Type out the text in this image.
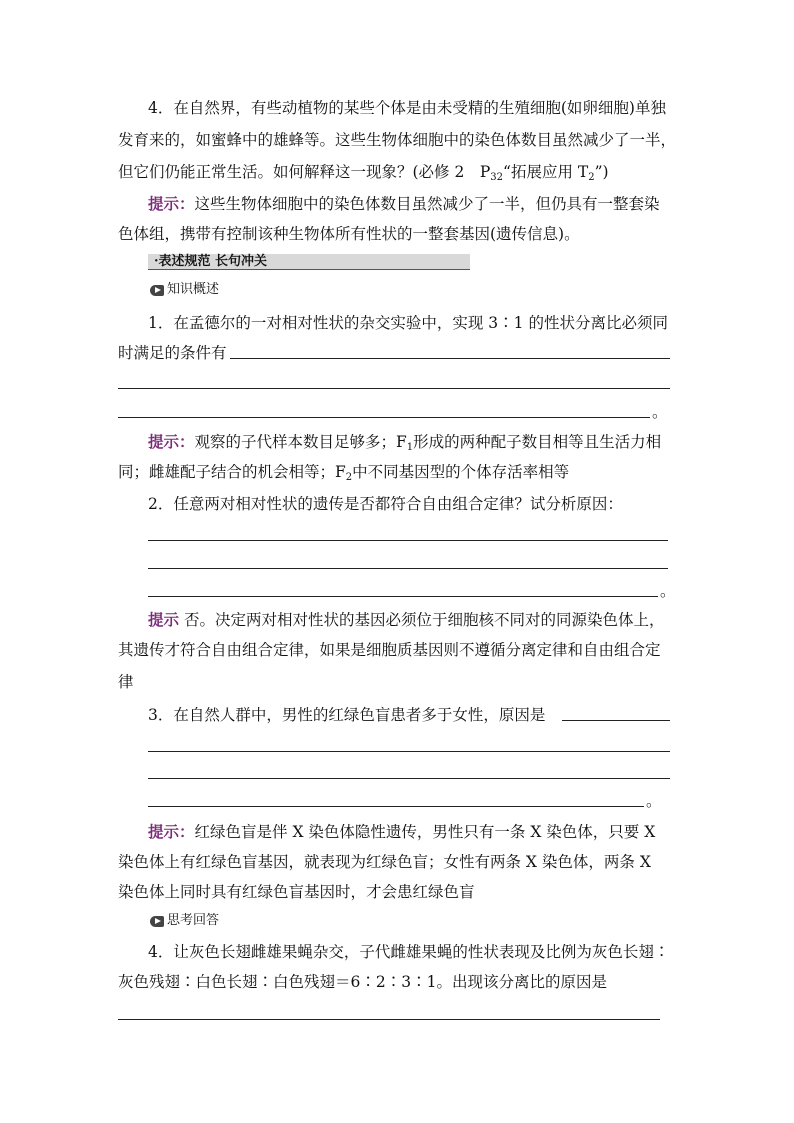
4．在自然界，有些动植物的某些个体是由未受精的生殖细胞(如卵细胞)单独
发育来的，如蜜蜂中的雄蜂等。这些生物体细胞中的染色体数目虽然减少了一半，
但它们仍能正常生活。如何解释这一现象？(必修 2　$P_{32}“$拓展应用 $T_2$”)
提示：这些生物体细胞中的染色体数目虽然减少了一半，但仍具有一整套染
色体组，携带有控制该种生物体所有性状的一整套基因(遗传信息)。
·表述规范 长句冲关
知识概述
1．在孟德尔的一对相对性状的杂交实验中，实现 3∶1 的性状分离比必须同
时满足的条件有
。
提示：观察的子代样本数目足够多；$F_1$形成的两种配子数目相等且生活力相
同；雌雄配子结合的机会相等；$F_2$中不同基因型的个体存活率相等
2．任意两对相对性状的遗传是否都符合自由组合定律？试分析原因：
。
提示 否。决定两对相对性状的基因必须位于细胞核不同对的同源染色体上，
其遗传才符合自由组合定律，如果是细胞质基因则不遵循分离定律和自由组合定
律
3．在自然人群中，男性的红绿色盲患者多于女性，原因是
。
提示：红绿色盲是伴 X 染色体隐性遗传，男性只有一条 X 染色体，只要 X
染色体上有红绿色盲基因，就表现为红绿色盲；女性有两条 X 染色体，两条 X
染色体上同时具有红绿色盲基因时，才会患红绿色盲
思考回答
4．让灰色长翅雌雄果蝇杂交，子代雌雄果蝇的性状表现及比例为灰色长翅∶
灰色残翅∶白色长翅∶白色残翅＝6∶2∶3∶1。出现该分离比的原因是
